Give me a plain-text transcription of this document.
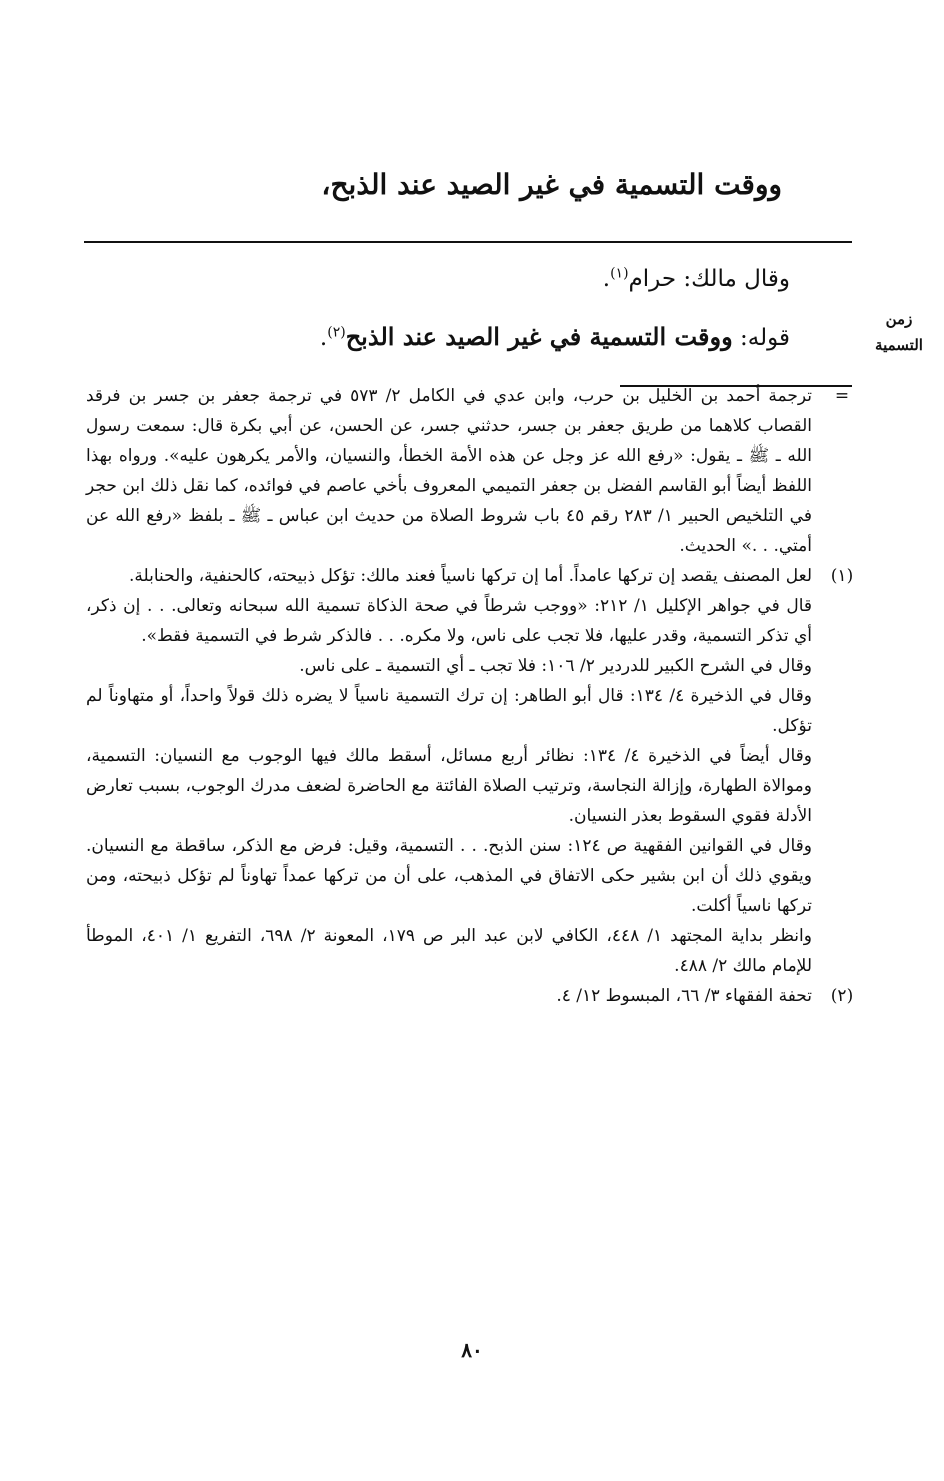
ووقت التسمية في غير الصيد عند الذبح،
زمن
التسمية
وقال مالك: حرام$^{(١)}$.
قوله: ووقت التسمية في غير الصيد عند الذبح$^{(٢)}$.
=

ترجمة أحمد بن الخليل بن حرب، وابن عدي في الكامل ٢/ ٥٧٣ في ترجمة جعفر بن جسر بن فرقد القصاب كلاهما من طريق جعفر بن جسر، حدثني جسر، عن الحسن، عن أبي بكرة قال: سمعت رسول الله ـ ﷺ ـ يقول: «رفع الله عز وجل عن هذه الأمة الخطأ، والنسيان، والأمر يكرهون عليه». ورواه بهذا اللفظ أيضاً أبو القاسم الفضل بن جعفر التميمي المعروف بأخي عاصم في فوائده، كما نقل ذلك ابن حجر في التلخيص الحبير ١/ ٢٨٣ رقم ٤٥ باب شروط الصلاة من حديث ابن عباس ـ ﷺ ـ بلفظ «رفع الله عن أمتي. . .» الحديث.

(١)

لعل المصنف يقصد إن تركها عامداً. أما إن تركها ناسياً فعند مالك: تؤكل ذبيحته، كالحنفية، والحنابلة.

قال في جواهر الإكليل ١/ ٢١٢: «ووجب شرطاً في صحة الذكاة تسمية الله سبحانه وتعالى. . . إن ذكر، أي تذكر التسمية، وقدر عليها، فلا تجب على ناس، ولا مكره. . . فالذكر شرط في التسمية فقط».

وقال في الشرح الكبير للدردير ٢/ ١٠٦: فلا تجب ـ أي التسمية ـ على ناس.

وقال في الذخيرة ٤/ ١٣٤: قال أبو الطاهر: إن ترك التسمية ناسياً لا يضره ذلك قولاً واحداً، أو متهاوناً لم تؤكل.

وقال أيضاً في الذخيرة ٤/ ١٣٤: نظائر أربع مسائل، أسقط مالك فيها الوجوب مع النسيان: التسمية، وموالاة الطهارة، وإزالة النجاسة، وترتيب الصلاة الفائتة مع الحاضرة لضعف مدرك الوجوب، بسبب تعارض الأدلة فقوي السقوط بعذر النسيان.

وقال في القوانين الفقهية ص ١٢٤: سنن الذبح. . . التسمية، وقيل: فرض مع الذكر، ساقطة مع النسيان. ويقوي ذلك أن ابن بشير حكى الاتفاق في المذهب، على أن من تركها عمداً تهاوناً لم تؤكل ذبيحته، ومن تركها ناسياً أكلت.

وانظر بداية المجتهد ١/ ٤٤٨، الكافي لابن عبد البر ص ١٧٩، المعونة ٢/ ٦٩٨، التفريع ١/ ٤٠١، الموطأ للإمام مالك ٢/ ٤٨٨.

(٢)

تحفة الفقهاء ٣/ ٦٦، المبسوط ١٢/ ٤.

٨٠
